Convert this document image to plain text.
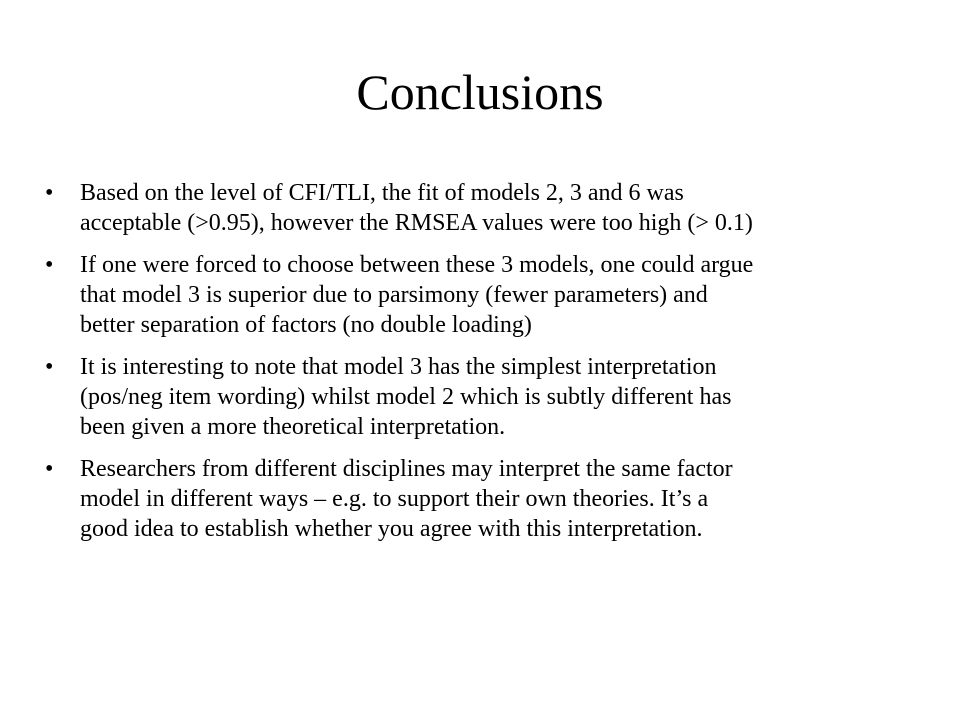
Conclusions
•	Based on the level of CFI/TLI, the fit of models 2, 3 and 6 was
acceptable (>0.95), however the RMSEA values were too high (> 0.1)
•	If one were forced to choose between these 3 models, one could argue
that model 3 is superior due to parsimony (fewer parameters) and
better separation of factors (no double loading)
•	It is interesting to note that model 3 has the simplest interpretation
(pos/neg item wording) whilst model 2 which is subtly different has
been given a more theoretical interpretation.
•	Researchers from different disciplines may interpret the same factor
model in different ways – e.g. to support their own theories. It’s a
good idea to establish whether you agree with this interpretation.
